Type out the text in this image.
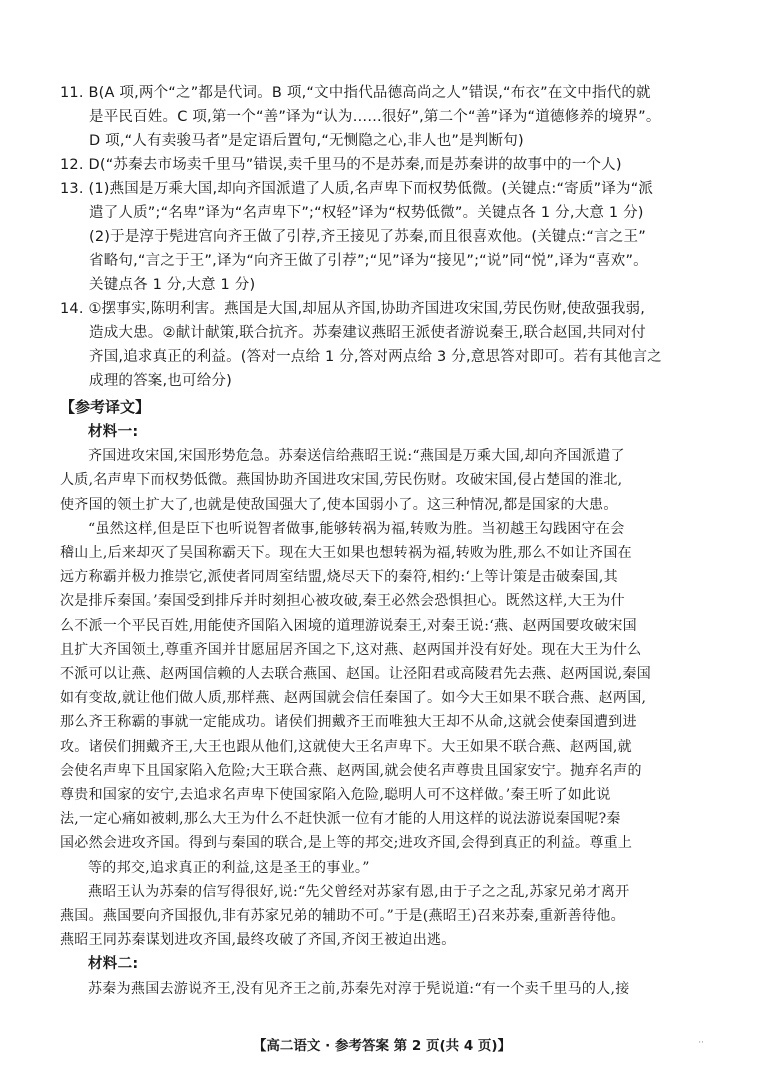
11. B(A 项,两个“之”都是代词。B 项,“文中指代品德高尚之人”错误,“布衣”在文中指代的就

是平民百姓。C 项,第一个“善”译为“认为……很好”,第二个“善”译为“道德修养的境界”。

D 项,“人有卖骏马者”是定语后置句,“无恻隐之心,非人也”是判断句)

12. D(“苏秦去市场卖千里马”错误,卖千里马的不是苏秦,而是苏秦讲的故事中的一个人)

13. (1)燕国是万乘大国,却向齐国派遣了人质,名声卑下而权势低微。(关键点:“寄质”译为“派

遣了人质”;“名卑”译为“名声卑下”;“权轻”译为“权势低微”。关键点各 1 分,大意 1 分)

(2)于是淳于髡进宫向齐王做了引荐,齐王接见了苏秦,而且很喜欢他。(关键点:“言之王”

省略句,“言之于王”,译为“向齐王做了引荐”;“见”译为“接见”;“说”同“悦”,译为“喜欢”。

关键点各 1 分,大意 1 分)

14. ①摆事实,陈明利害。燕国是大国,却屈从齐国,协助齐国进攻宋国,劳民伤财,使敌强我弱,

造成大患。②献计献策,联合抗齐。苏秦建议燕昭王派使者游说秦王,联合赵国,共同对付

齐国,追求真正的利益。(答对一点给 1 分,答对两点给 3 分,意思答对即可。若有其他言之

成理的答案,也可给分)

【参考译文】

材料一:

齐国进攻宋国,宋国形势危急。苏秦送信给燕昭王说:“燕国是万乘大国,却向齐国派遣了

人质,名声卑下而权势低微。燕国协助齐国进攻宋国,劳民伤财。攻破宋国,侵占楚国的淮北,

使齐国的领土扩大了,也就是使敌国强大了,使本国弱小了。这三种情况,都是国家的大患。

“虽然这样,但是臣下也听说智者做事,能够转祸为福,转败为胜。当初越王勾践困守在会

稽山上,后来却灭了吴国称霸天下。现在大王如果也想转祸为福,转败为胜,那么不如让齐国在

远方称霸并极力推崇它,派使者同周室结盟,烧尽天下的秦符,相约:‘上等计策是击破秦国,其

次是排斥秦国。’秦国受到排斥并时刻担心被攻破,秦王必然会恐惧担心。既然这样,大王为什

么不派一个平民百姓,用能使齐国陷入困境的道理游说秦王,对秦王说:‘燕、赵两国要攻破宋国

且扩大齐国领土,尊重齐国并甘愿屈居齐国之下,这对燕、赵两国并没有好处。现在大王为什么

不派可以让燕、赵两国信赖的人去联合燕国、赵国。让泾阳君或高陵君先去燕、赵两国说,秦国

如有变故,就让他们做人质,那样燕、赵两国就会信任秦国了。如今大王如果不联合燕、赵两国,

那么齐王称霸的事就一定能成功。诸侯们拥戴齐王而唯独大王却不从命,这就会使秦国遭到进

攻。诸侯们拥戴齐王,大王也跟从他们,这就使大王名声卑下。大王如果不联合燕、赵两国,就

会使名声卑下且国家陷入危险;大王联合燕、赵两国,就会使名声尊贵且国家安宁。抛弃名声的

尊贵和国家的安宁,去追求名声卑下使国家陷入危险,聪明人可不这样做。’秦王听了如此说

法,一定心痛如被刺,那么大王为什么不赶快派一位有才能的人用这样的说法游说秦国呢?秦

国必然会进攻齐国。得到与秦国的联合,是上等的邦交;进攻齐国,会得到真正的利益。尊重上

等的邦交,追求真正的利益,这是圣王的事业。”

燕昭王认为苏秦的信写得很好,说:“先父曾经对苏家有恩,由于子之之乱,苏家兄弟才离开

燕国。燕国要向齐国报仇,非有苏家兄弟的辅助不可。”于是(燕昭王)召来苏秦,重新善待他。

燕昭王同苏秦谋划进攻齐国,最终攻破了齐国,齐闵王被迫出逃。

材料二:

苏秦为燕国去游说齐王,没有见齐王之前,苏秦先对淳于髡说道:“有一个卖千里马的人,接

【高二语文 · 参考答案 第 2 页(共 4 页)】	··
